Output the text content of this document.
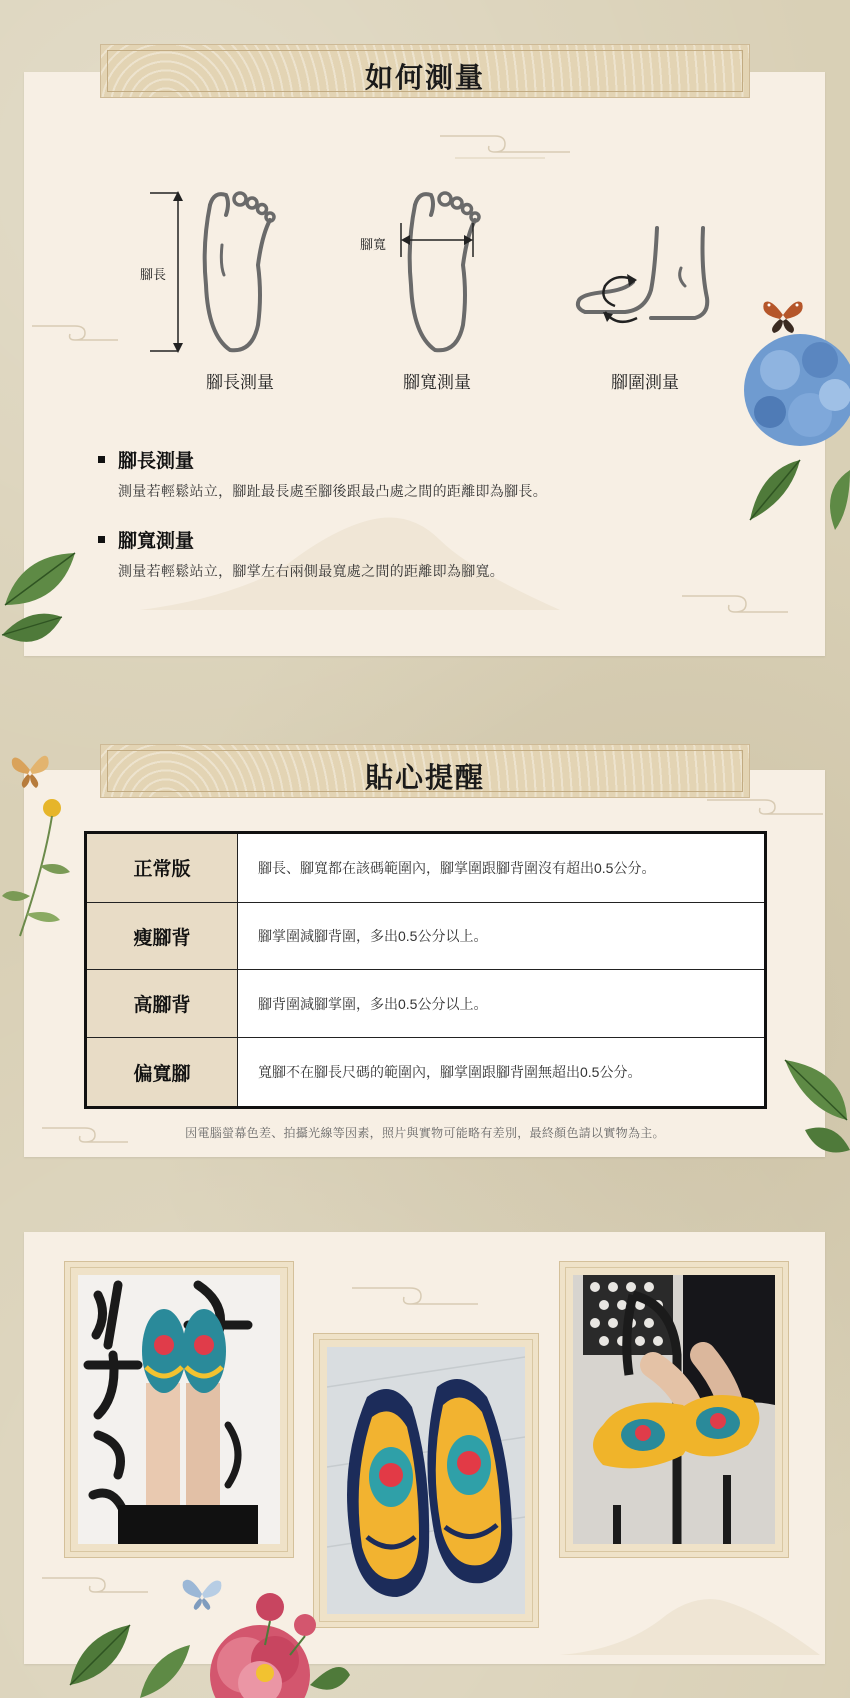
如何測量
腳長
腳寬
腳長測量	腳寬測量	腳圍測量
腳長測量
測量若輕鬆站立，腳趾最長處至腳後跟最凸處之間的距離即為腳長。
腳寬測量
測量若輕鬆站立，腳掌左右兩側最寬處之間的距離即為腳寬。
貼心提醒
正常版	腳長、腳寬都在該碼範圍內，腳掌圍跟腳背圍沒有超出0.5公分。
瘦腳背	腳掌圍減腳背圍，多出0.5公分以上。
高腳背	腳背圍減腳掌圍，多出0.5公分以上。
偏寬腳	寬腳不在腳長尺碼的範圍內，腳掌圍跟腳背圍無超出0.5公分。
因電腦螢幕色差、拍攝光線等因素，照片與實物可能略有差別，最終顏色請以實物為主。
